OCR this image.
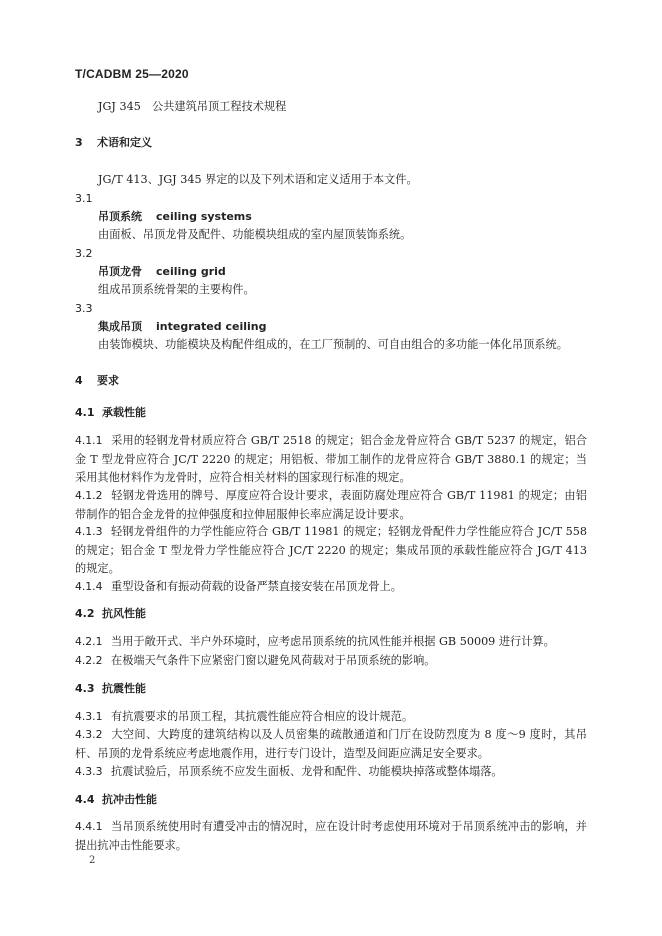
T/CADBM 25—2020
JGJ 345　公共建筑吊顶工程技术规程
3 术语和定义
JG/T 413、JGJ 345 界定的以及下列术语和定义适用于本文件。
3.1
吊顶系统 ceiling systems
由面板、吊顶龙骨及配件、功能模块组成的室内屋顶装饰系统。
3.2
吊顶龙骨 ceiling grid
组成吊顶系统骨架的主要构件。
3.3
集成吊顶 integrated ceiling
由装饰模块、功能模块及构配件组成的，在工厂预制的、可自由组合的多功能一体化吊顶系统。
4 要求
4.1 承载性能
4.1.1 采用的轻钢龙骨材质应符合 GB/T 2518 的规定；铝合金龙骨应符合 GB/T 5237 的规定，铝合金 T 型龙骨应符合 JC/T 2220 的规定；用铝板、带加工制作的龙骨应符合 GB/T 3880.1 的规定；当采用其他材料作为龙骨时，应符合相关材料的国家现行标准的规定。
4.1.2 轻钢龙骨选用的牌号、厚度应符合设计要求，表面防腐处理应符合 GB/T 11981 的规定；由铝带制作的铝合金龙骨的拉伸强度和拉伸屈服伸长率应满足设计要求。
4.1.3 轻钢龙骨组件的力学性能应符合 GB/T 11981 的规定；轻钢龙骨配件力学性能应符合 JC/T 558 的规定；铝合金 T 型龙骨力学性能应符合 JC/T 2220 的规定；集成吊顶的承载性能应符合 JG/T 413 的规定。
4.1.4 重型设备和有振动荷载的设备严禁直接安装在吊顶龙骨上。
4.2 抗风性能
4.2.1 当用于敞开式、半户外环境时，应考虑吊顶系统的抗风性能并根据 GB 50009 进行计算。
4.2.2 在极端天气条件下应紧密门窗以避免风荷载对于吊顶系统的影响。
4.3 抗震性能
4.3.1 有抗震要求的吊顶工程，其抗震性能应符合相应的设计规范。
4.3.2 大空间、大跨度的建筑结构以及人员密集的疏散通道和门厅在设防烈度为 8 度～9 度时，其吊杆、吊顶的龙骨系统应考虑地震作用，进行专门设计，造型及间距应满足安全要求。
4.3.3 抗震试验后，吊顶系统不应发生面板、龙骨和配件、功能模块掉落或整体塌落。
4.4 抗冲击性能
4.4.1 当吊顶系统使用时有遭受冲击的情况时，应在设计时考虑使用环境对于吊顶系统冲击的影响，并提出抗冲击性能要求。
2
